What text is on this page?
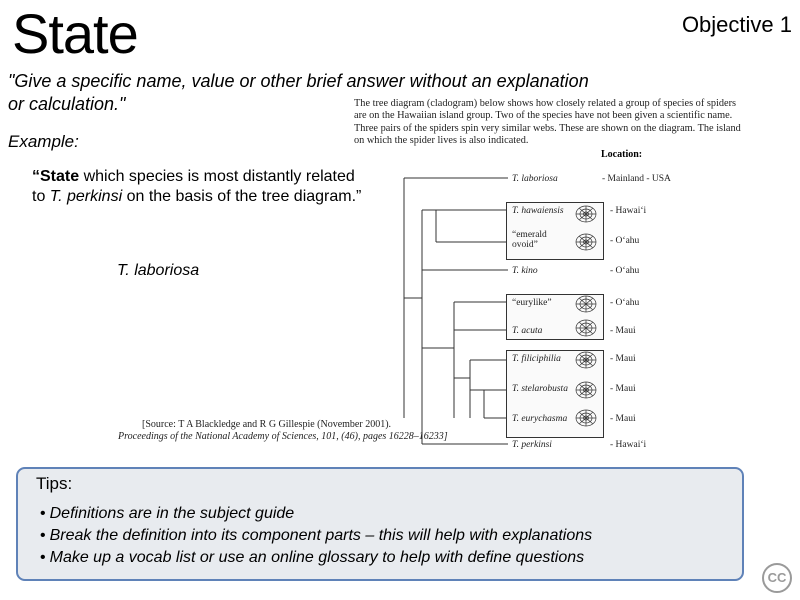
State	Objective 1
"Give a specific name, value or other brief answer without an explanation or calculation."
Example:
“State which species is most distantly related to T. perkinsi on the basis of the tree diagram.”
T. laboriosa
The tree diagram (cladogram) below shows how closely related a group of species of spiders are on the Hawaiian island group. Two of the species have not been given a scientific name. Three pairs of the spiders spin very similar webs. These are shown on the diagram. The island on which the spider lives is also indicated.
Location:
T. laboriosa
T. hawaiensis
“emerald ovoid”
T. kino
“eurylike”
T. acuta
T. filiciphilia
T. stelarobusta
T. eurychasma
T. perkinsi
- Mainland - USA
- Hawai‘i
- O‘ahu
- O‘ahu
- O‘ahu
- Maui
- Maui
- Maui
- Maui
- Hawai‘i
[Source: T A Blackledge and R G Gillespie (November 2001).
Proceedings of the National Academy of Sciences, 101, (46), pages 16228–16233]
Tips:
• Definitions are in the subject guide
• Break the definition into its component parts – this will help with explanations
• Make up a vocab list or use an online glossary to help with define questions
CC
